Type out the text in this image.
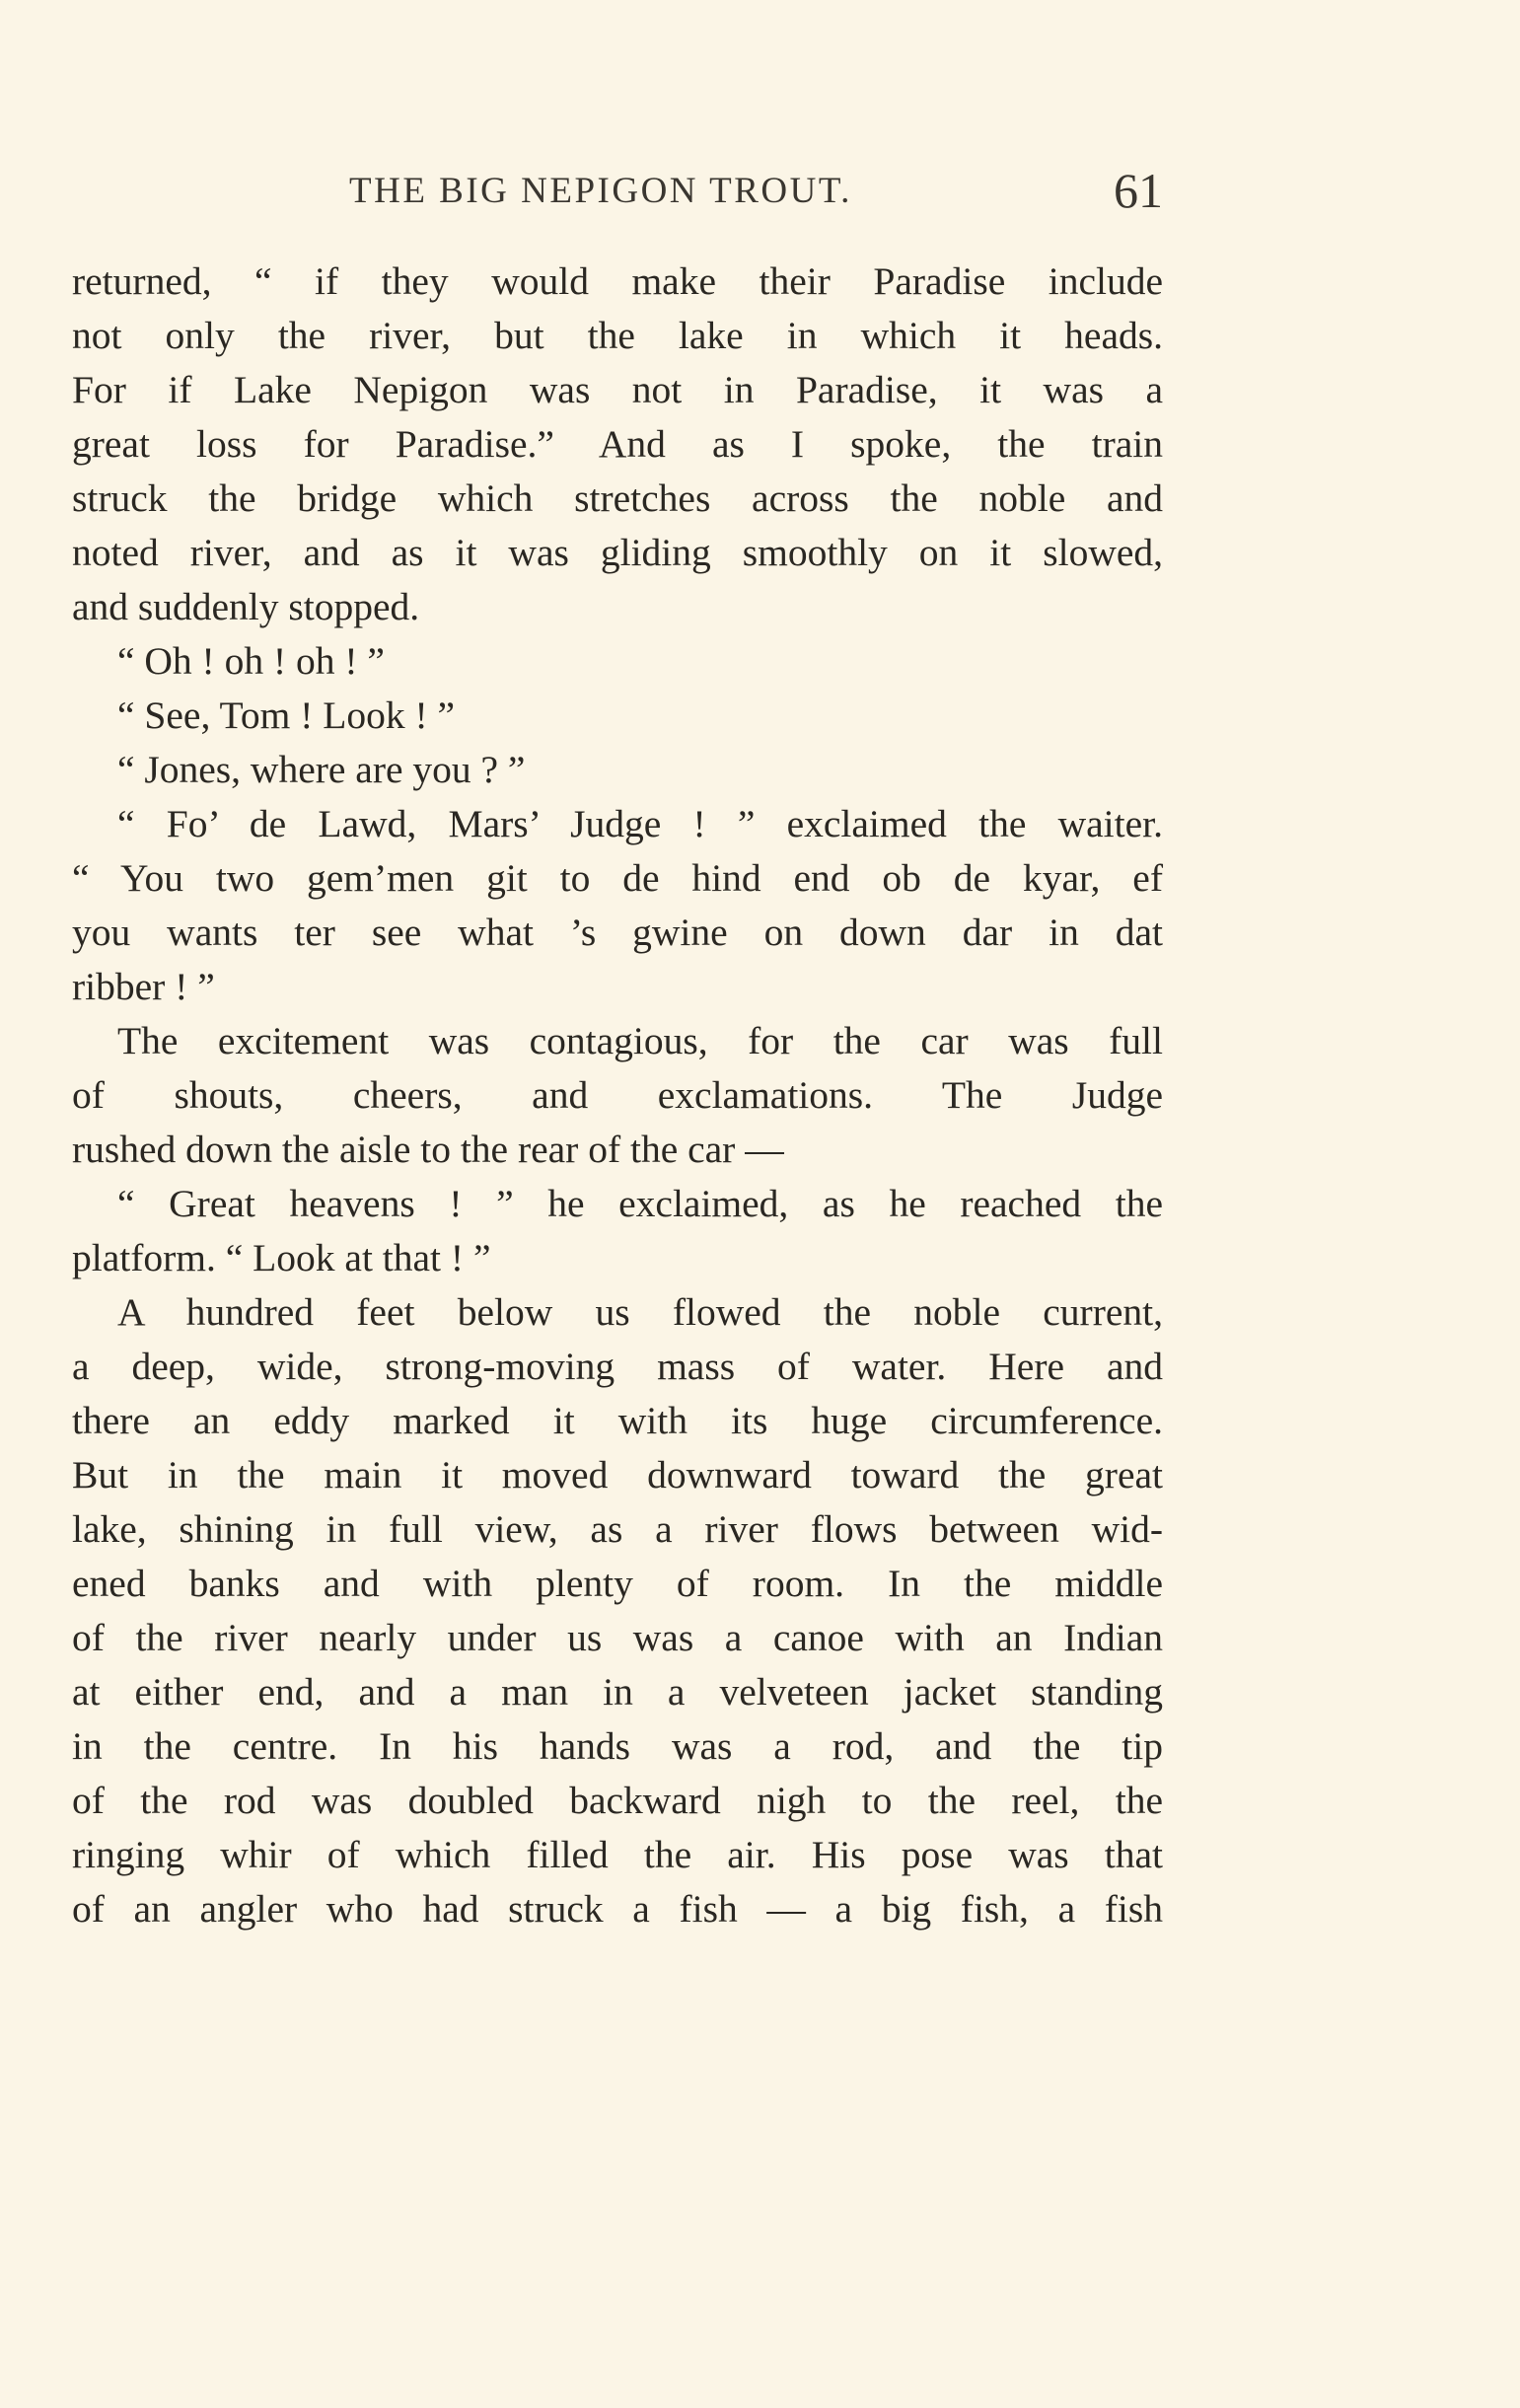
THE BIG NEPIGON TROUT.	61
returned, “ if they would make their Paradise include
not only the river, but the lake in which it heads.
For if Lake Nepigon was not in Paradise, it was a
great loss for Paradise.” And as I spoke, the train
struck the bridge which stretches across the noble and
noted river, and as it was gliding smoothly on it slowed,
and suddenly stopped.
“ Oh ! oh ! oh ! ”
“ See, Tom ! Look ! ”
“ Jones, where are you ? ”
“ Fo’ de Lawd, Mars’ Judge ! ” exclaimed the waiter.
“ You two gem’men git to de hind end ob de kyar, ef
you wants ter see what ’s gwine on down dar in dat
ribber ! ”
The excitement was contagious, for the car was full
of shouts, cheers, and exclamations. The Judge
rushed down the aisle to the rear of the car —
“ Great heavens ! ” he exclaimed, as he reached the
platform. “ Look at that ! ”
A hundred feet below us flowed the noble current,
a deep, wide, strong-moving mass of water. Here and
there an eddy marked it with its huge circumference.
But in the main it moved downward toward the great
lake, shining in full view, as a river flows between wid-
ened banks and with plenty of room. In the middle
of the river nearly under us was a canoe with an Indian
at either end, and a man in a velveteen jacket standing
in the centre. In his hands was a rod, and the tip
of the rod was doubled backward nigh to the reel, the
ringing whir of which filled the air. His pose was that
of an angler who had struck a fish — a big fish, a fish
